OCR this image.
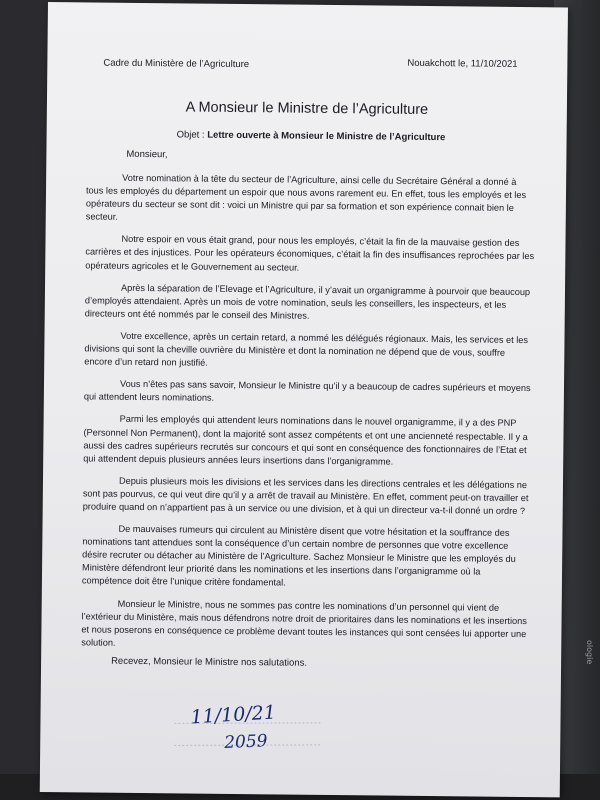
ologie
Cadre du Ministère de l’Agriculture	Nouakchott le, 11/10/2021
A Monsieur le Ministre de l’Agriculture
Objet : Lettre ouverte à Monsieur le Ministre de l’Agriculture
Monsieur,

Votre nomination à la tête du secteur de l’Agriculture, ainsi celle du Secrétaire Général a donné à tous les employés du département un espoir que nous avons rarement eu. En effet, tous les employés et les opérateurs du secteur se sont dit : voici un Ministre qui par sa formation et son expérience connait bien le secteur.

Notre espoir en vous était grand, pour nous les employés, c’était la fin de la mauvaise gestion des carrières et des injustices. Pour les opérateurs économiques, c’était la fin des insuffisances reprochées par les opérateurs agricoles et le Gouvernement au secteur.

Après la séparation de l’Elevage et l’Agriculture, il y’avait un organigramme à pourvoir que beaucoup d’employés attendaient. Après un mois de votre nomination, seuls les conseillers, les inspecteurs, et les directeurs ont été nommés par le conseil des Ministres.

Votre excellence, après un certain retard, a nommé les délégués régionaux. Mais, les services et les divisions qui sont la cheville ouvrière du Ministère et dont la nomination ne dépend que de vous, souffre encore d’un retard non justifié.

Vous n’êtes pas sans savoir, Monsieur le Ministre qu’il y a beaucoup de cadres supérieurs et moyens qui attendent leurs nominations.

Parmi les employés qui attendent leurs nominations dans le nouvel organigramme, il y a des PNP (Personnel Non Permanent), dont la majorité sont assez compétents et ont une ancienneté respectable. Il y a aussi des cadres supérieurs recrutés sur concours et qui sont en conséquence des fonctionnaires de l’Etat et qui attendent depuis plusieurs années leurs insertions dans l’organigramme.

Depuis plusieurs mois les divisions et les services dans les directions centrales et les délégations ne sont pas pourvus, ce qui veut dire qu’il y a arrêt de travail au Ministère. En effet, comment peut-on travailler et produire quand on n’appartient pas à un service ou une division, et à qui un directeur va-t-il donné un ordre ?

De mauvaises rumeurs qui circulent au Ministère disent que votre hésitation et la souffrance des nominations tant attendues sont la conséquence d’un certain nombre de personnes que votre excellence désire recruter ou détacher au Ministère de l’Agriculture. Sachez Monsieur le Ministre que les employés du Ministère défendront leur priorité dans les nominations et les insertions dans l’organigramme où la compétence doit être l’unique critère fondamental.

Monsieur le Ministre, nous ne sommes pas contre les nominations d’un personnel qui vient de l’extérieur du Ministère, mais nous défendrons notre droit de prioritaires dans les nominations et les insertions et nous poserons en conséquence ce problème devant toutes les instances qui sont censées lui apporter une solution.

Recevez, Monsieur le Ministre nos salutations.
11/10/21
2059
